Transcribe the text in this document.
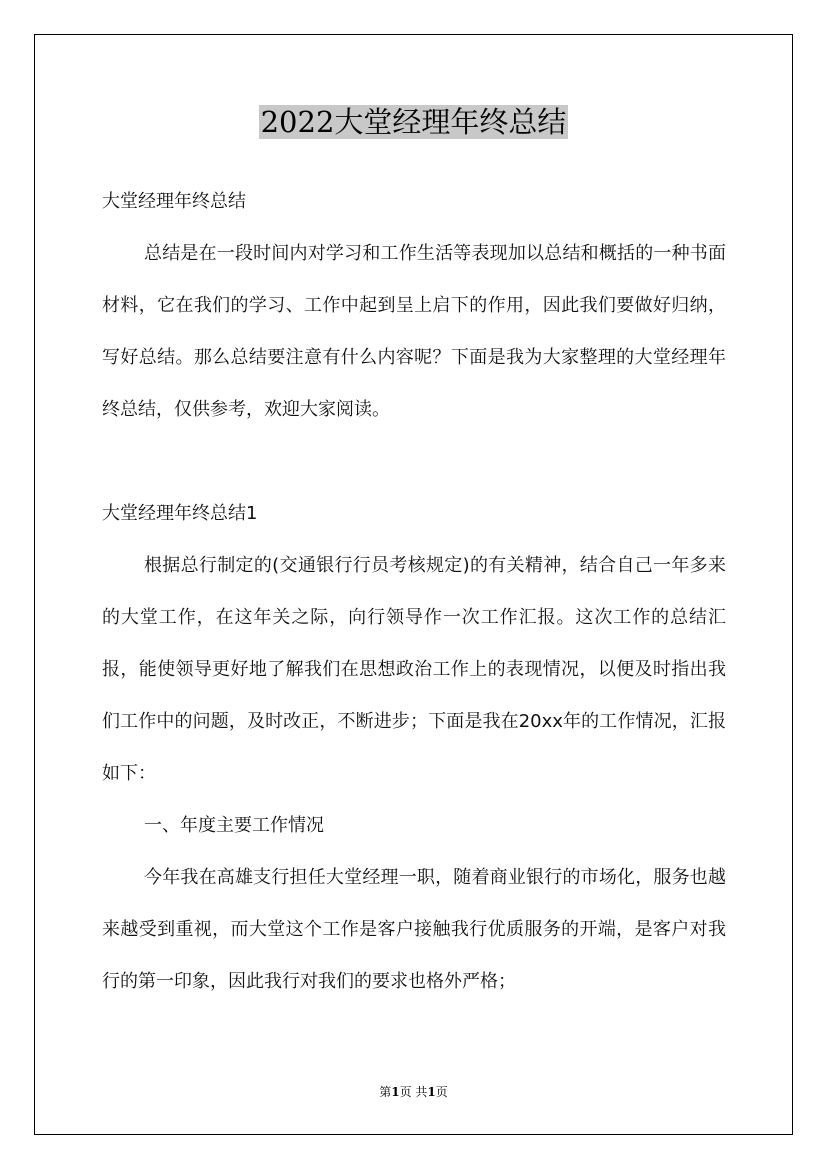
2022大堂经理年终总结

大堂经理年终总结

总结是在一段时间内对学习和工作生活等表现加以总结和概括的一种书面材料，它在我们的学习、工作中起到呈上启下的作用，因此我们要做好归纳，写好总结。那么总结要注意有什么内容呢？下面是我为大家整理的大堂经理年终总结，仅供参考，欢迎大家阅读。

大堂经理年终总结1

根据总行制定的(交通银行行员考核规定)的有关精神，结合自己一年多来的大堂工作，在这年关之际，向行领导作一次工作汇报。这次工作的总结汇报，能使领导更好地了解我们在思想政治工作上的表现情况，以便及时指出我们工作中的问题，及时改正，不断进步；下面是我在20xx年的工作情况，汇报如下：

一、年度主要工作情况

今年我在高雄支行担任大堂经理一职，随着商业银行的市场化，服务也越来越受到重视，而大堂这个工作是客户接触我行优质服务的开端，是客户对我行的第一印象，因此我行对我们的要求也格外严格；

第1页 共1页
